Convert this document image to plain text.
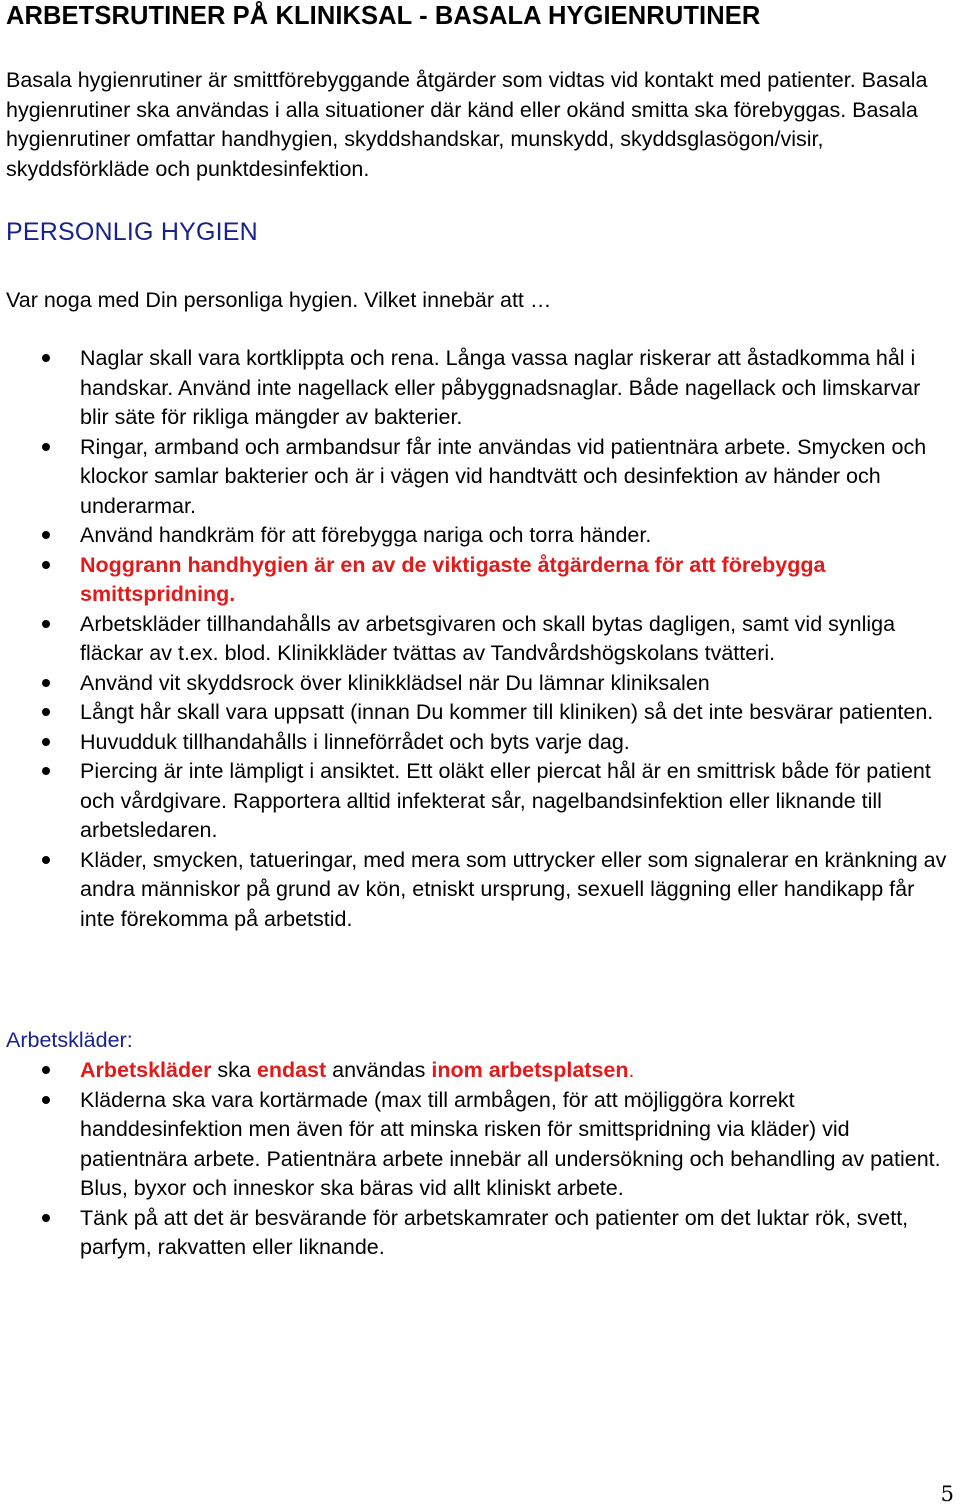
ARBETSRUTINER PÅ KLINIKSAL - BASALA HYGIENRUTINER

Basala hygienrutiner är smittförebyggande åtgärder som vidtas vid kontakt med patienter. Basala hygienrutiner ska användas i alla situationer där känd eller okänd smitta ska förebyggas. Basala hygienrutiner omfattar handhygien, skyddshandskar, munskydd, skyddsglasögon/visir, skyddsförkläde och punktdesinfektion.

PERSONLIG HYGIEN

Var noga med Din personliga hygien. Vilket innebär att …

Naglar skall vara kortklippta och rena. Långa vassa naglar riskerar att åstadkomma hål i handskar. Använd inte nagellack eller påbyggnadsnaglar. Både nagellack och limskarvar blir säte för rikliga mängder av bakterier.
Ringar, armband och armbandsur får inte användas vid patientnära arbete. Smycken och klockor samlar bakterier och är i vägen vid handtvätt och desinfektion av händer och underarmar.
Använd handkräm för att förebygga nariga och torra händer.
Noggrann handhygien är en av de viktigaste åtgärderna för att förebygga smittspridning.
Arbetskläder tillhandahålls av arbetsgivaren och skall bytas dagligen, samt vid synliga fläckar av t.ex. blod. Klinikkläder tvättas av Tandvårdshögskolans tvätteri.
Använd vit skyddsrock över klinikklädsel när Du lämnar kliniksalen
Långt hår skall vara uppsatt (innan Du kommer till kliniken) så det inte besvärar patienten.
Huvudduk tillhandahålls i linneförrådet och byts varje dag.
Piercing är inte lämpligt i ansiktet. Ett oläkt eller piercat hål är en smittrisk både för patient och vårdgivare. Rapportera alltid infekterat sår, nagelbandsinfektion eller liknande till arbetsledaren.
Kläder, smycken, tatueringar, med mera som uttrycker eller som signalerar en kränkning av andra människor på grund av kön, etniskt ursprung, sexuell läggning eller handikapp får inte förekomma på arbetstid.
Arbetskläder:
Arbetskläder ska endast användas inom arbetsplatsen.
Kläderna ska vara kortärmade (max till armbågen, för att möjliggöra korrekt handdesinfektion men även för att minska risken för smittspridning via kläder) vid patientnära arbete. Patientnära arbete innebär all undersökning och behandling av patient. Blus, byxor och inneskor ska bäras vid allt kliniskt arbete.
Tänk på att det är besvärande för arbetskamrater och patienter om det luktar rök, svett, parfym, rakvatten eller liknande.
5
